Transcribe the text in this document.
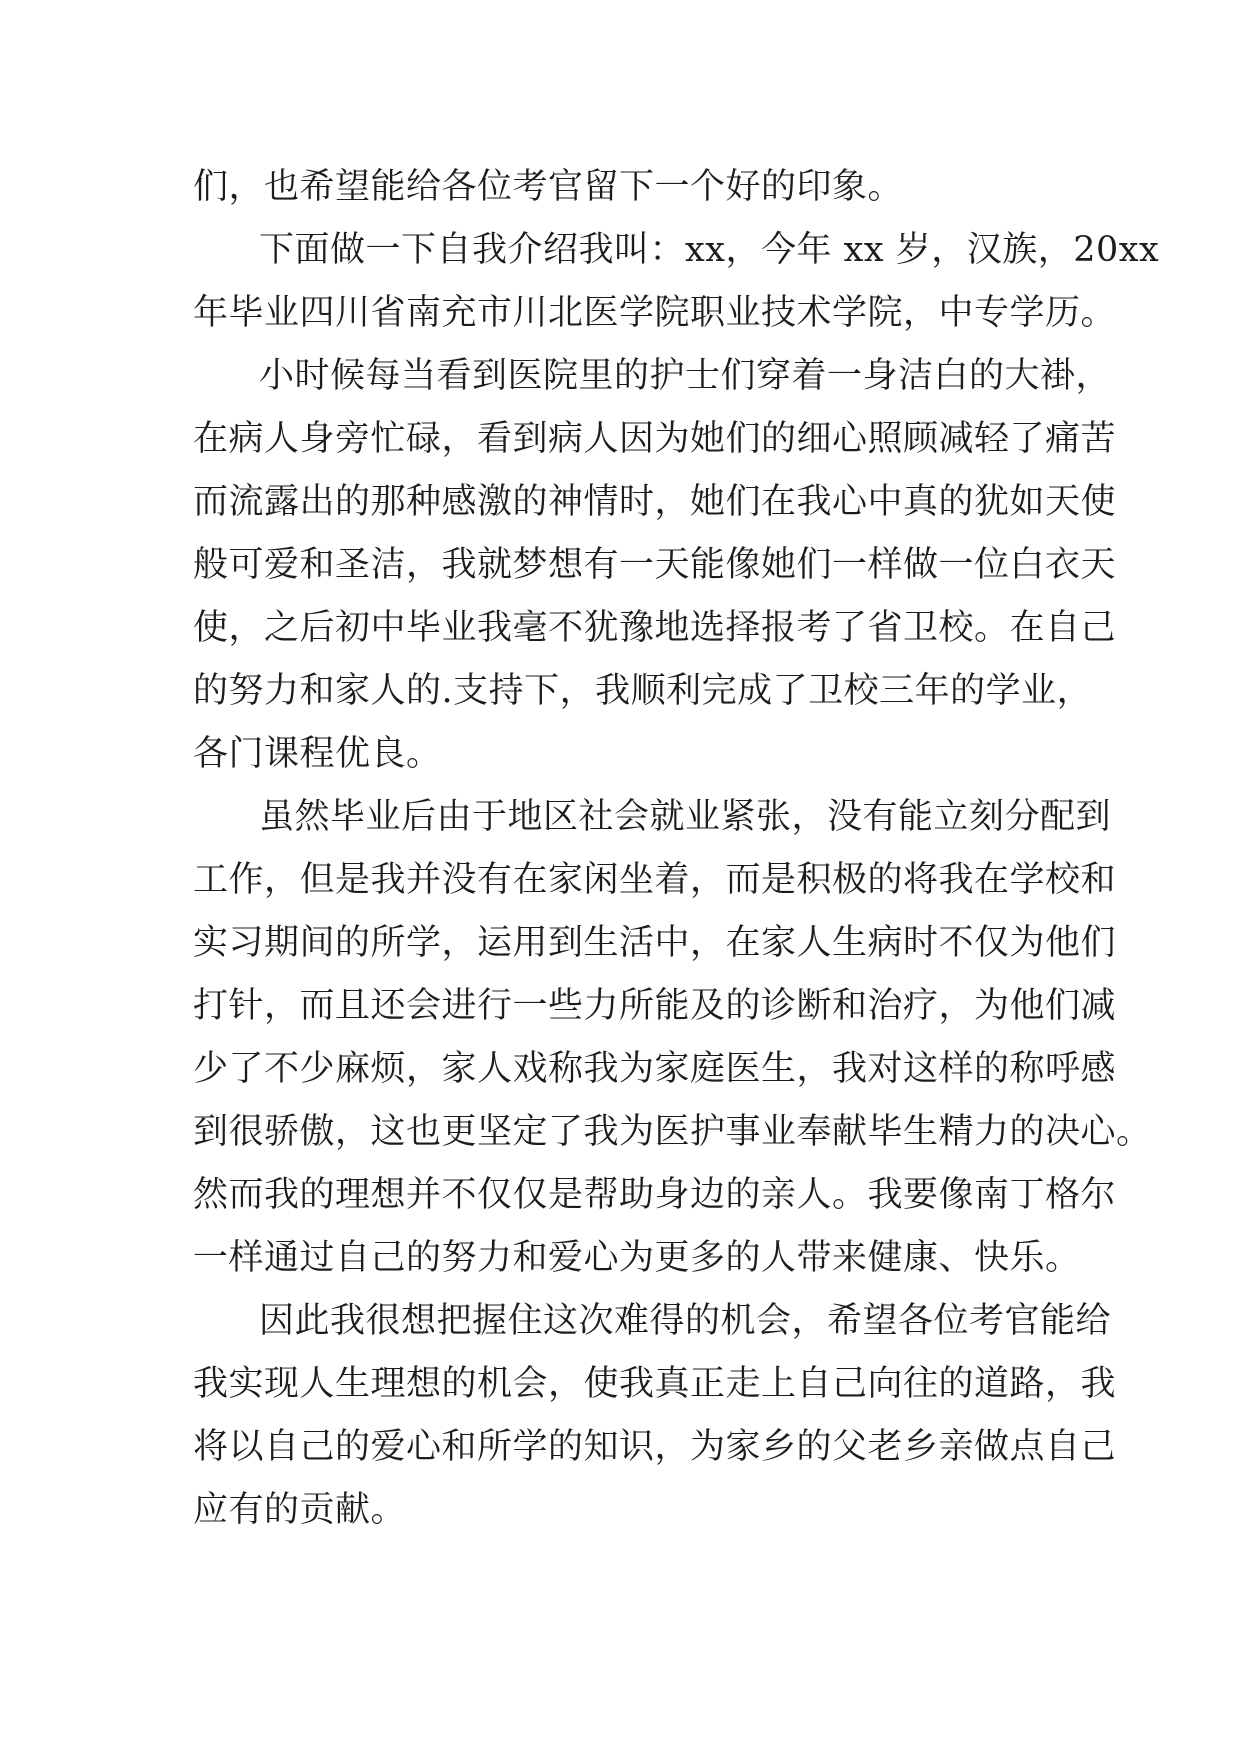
们，也希望能给各位考官留下一个好的印象。
下面做一下自我介绍我叫：xx，今年 xx 岁，汉族，20xx
年毕业四川省南充市川北医学院职业技术学院，中专学历。
小时候每当看到医院里的护士们穿着一身洁白的大褂，
在病人身旁忙碌，看到病人因为她们的细心照顾减轻了痛苦
而流露出的那种感激的神情时，她们在我心中真的犹如天使
般可爱和圣洁，我就梦想有一天能像她们一样做一位白衣天
使，之后初中毕业我毫不犹豫地选择报考了省卫校。在自己
的努力和家人的.支持下，我顺利完成了卫校三年的学业，
各门课程优良。
虽然毕业后由于地区社会就业紧张，没有能立刻分配到
工作，但是我并没有在家闲坐着，而是积极的将我在学校和
实习期间的所学，运用到生活中，在家人生病时不仅为他们
打针，而且还会进行一些力所能及的诊断和治疗，为他们减
少了不少麻烦，家人戏称我为家庭医生，我对这样的称呼感
到很骄傲，这也更坚定了我为医护事业奉献毕生精力的决心。
然而我的理想并不仅仅是帮助身边的亲人。我要像南丁格尔
一样通过自己的努力和爱心为更多的人带来健康、快乐。
因此我很想把握住这次难得的机会，希望各位考官能给
我实现人生理想的机会，使我真正走上自己向往的道路，我
将以自己的爱心和所学的知识，为家乡的父老乡亲做点自己
应有的贡献。
